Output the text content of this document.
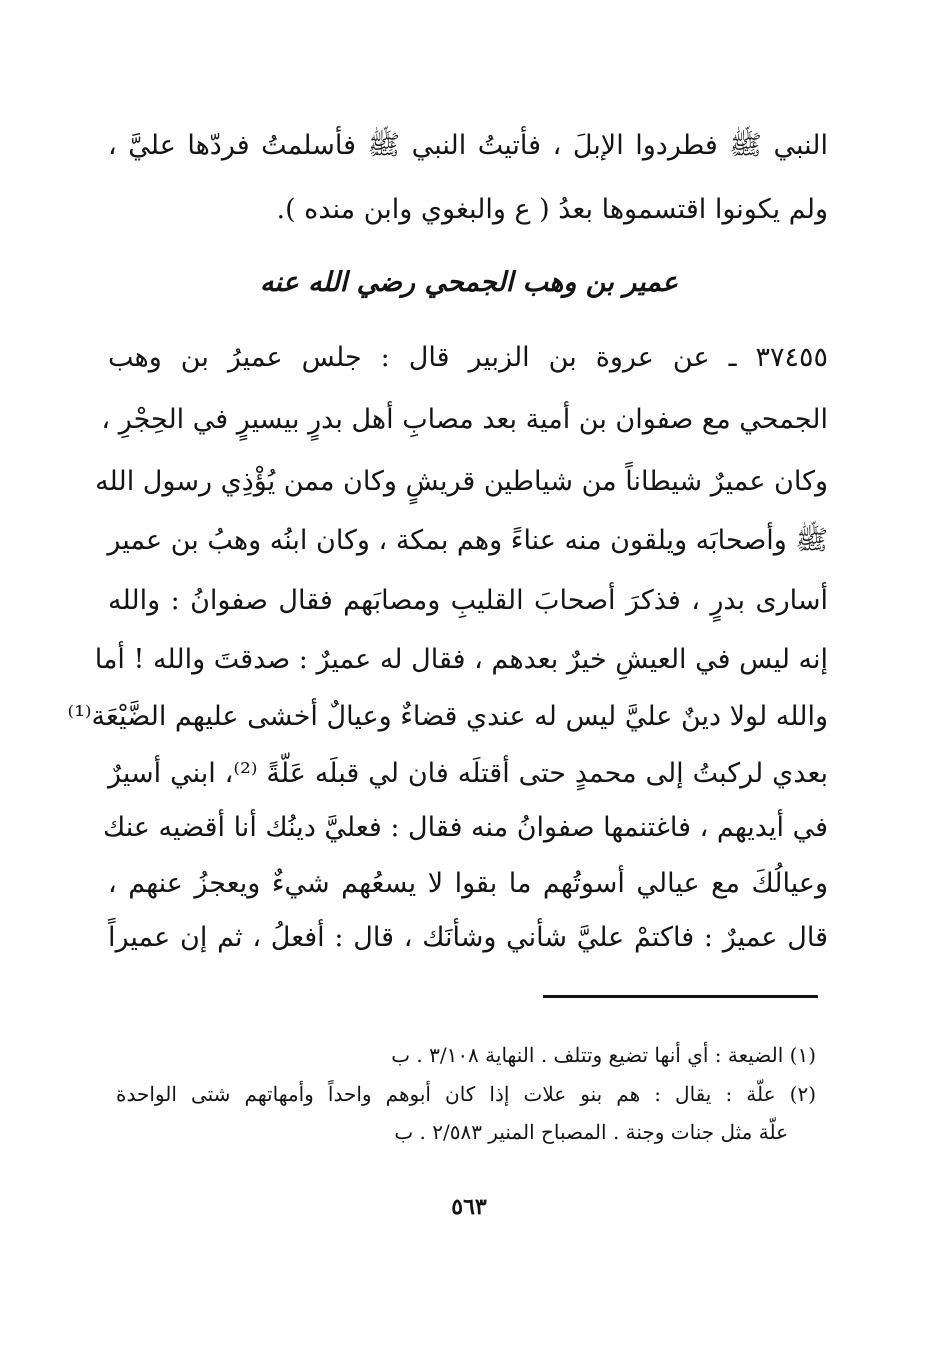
النبي ﷺ فطردوا الإبلَ ، فأتيتُ النبي ﷺ فأسلمتُ فردّها عليَّ ،
ولم يكونوا اقتسموها بعدُ ( ع والبغوي وابن منده ).
عمير بن وهب الجمحي رضي الله عنه
٣٧٤٥٥ ـ عن عروة بن الزبير قال : جلس عميرُ بن وهب
الجمحي مع صفوان بن أمية بعد مصابِ أهل بدرٍ بيسيرٍ في الحِجْرِ ،
وكان عميرٌ شيطاناً من شياطين قريشٍ وكان ممن يُؤْذِي رسول الله
ﷺ وأصحابَه ويلقون منه عناءً وهم بمكة ، وكان ابنُه وهبُ بن عمير
أسارى بدرٍ ، فذكرَ أصحابَ القليبِ ومصابَهم فقال صفوانُ : والله
إنه ليس في العيشِ خيرٌ بعدهم ، فقال له عميرٌ : صدقتَ والله ! أما
والله لولا دينٌ عليَّ ليس له عندي قضاءٌ وعيالٌ أخشى عليهم الضَّيْعَة⁽¹⁾
بعدي لركبتُ إلى محمدٍ حتى أقتلَه فان لي قبلَه عَلّةً ⁽²⁾، ابني أسيرٌ
في أيديهم ، فاغتنمها صفوانُ منه فقال : فعليَّ دينُك أنا أقضيه عنك
وعيالُكَ مع عيالي أسوتُهم ما بقوا لا يسعُهم شيءٌ ويعجزُ عنهم ،
قال عميرٌ : فاكتمْ عليَّ شأني وشأنَك ، قال : أفعلُ ، ثم إن عميراً
(١) الضيعة : أي أنها تضيع وتتلف . النهاية ٣/١٠٨ . ب
(٢) علّة : يقال : هم بنو علات إذا كان أبوهم واحداً وأمهاتهم شتى الواحدة
علّة مثل جنات وجنة . المصباح المنير ٢/٥٨٣ . ب
٥٦٣
